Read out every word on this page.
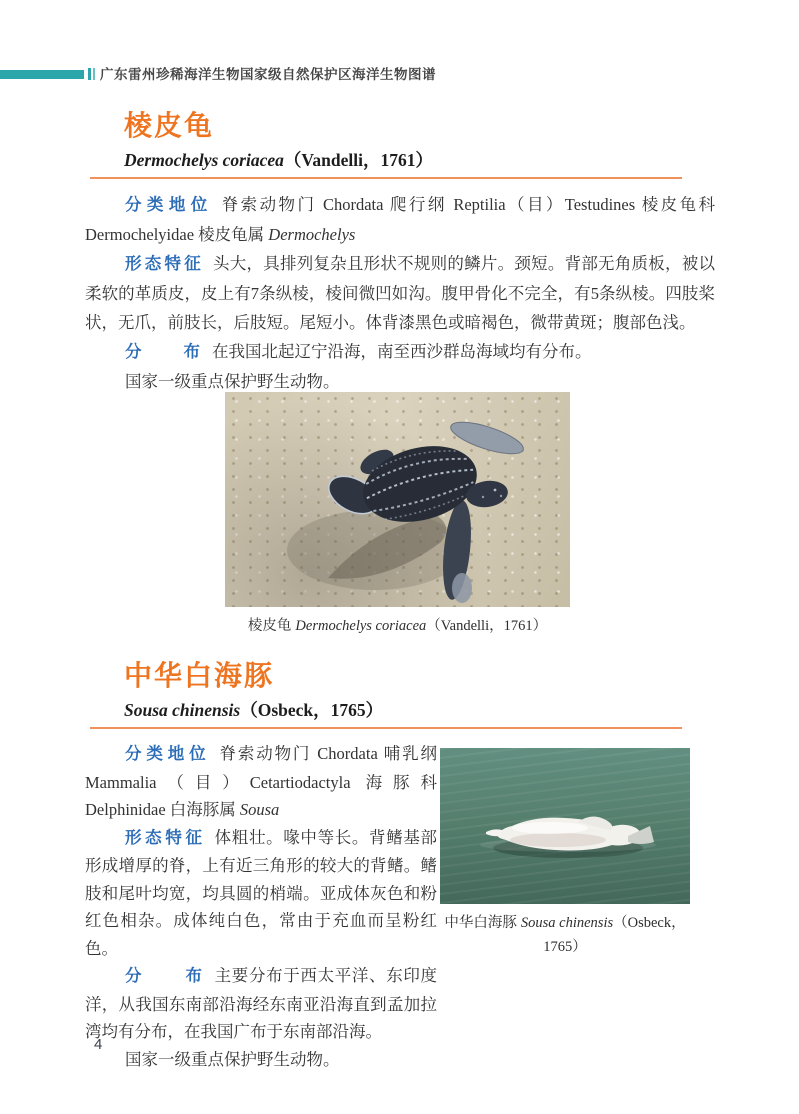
广东雷州珍稀海洋生物国家级自然保护区海洋生物图谱
棱皮龟
Dermochelys coriacea（Vandelli，1761）

分类地位 脊索动物门 Chordata 爬行纲 Reptilia（目）Testudines 棱皮龟科 Dermochelyidae 棱皮龟属 Dermochelys

形态特征 头大，具排列复杂且形状不规则的鳞片。颈短。背部无角质板，被以柔软的革质皮，皮上有7条纵棱，棱间微凹如沟。腹甲骨化不完全，有5条纵棱。四肢桨状，无爪，前肢长，后肢短。尾短小。体背漆黑色或暗褐色，微带黄斑；腹部色浅。

分　　布 在我国北起辽宁沿海，南至西沙群岛海域均有分布。

国家一级重点保护野生动物。

棱皮龟 Dermochelys coriacea（Vandelli，1761）
中华白海豚
Sousa chinensis（Osbeck，1765）

分类地位 脊索动物门 Chordata 哺乳纲 Mammalia（目）Cetartiodactyla 海豚科 Delphinidae 白海豚属 Sousa

形态特征 体粗壮。喙中等长。背鳍基部形成增厚的脊，上有近三角形的较大的背鳍。鳍肢和尾叶均宽，均具圆的梢端。亚成体灰色和粉红色相杂。成体纯白色，常由于充血而呈粉红色。

分　　布 主要分布于西太平洋、东印度洋，从我国东南部沿海经东南亚沿海直到孟加拉湾均有分布，在我国广布于东南部沿海。

国家一级重点保护野生动物。

中华白海豚 Sousa chinensis（Osbeck，1765）
4
